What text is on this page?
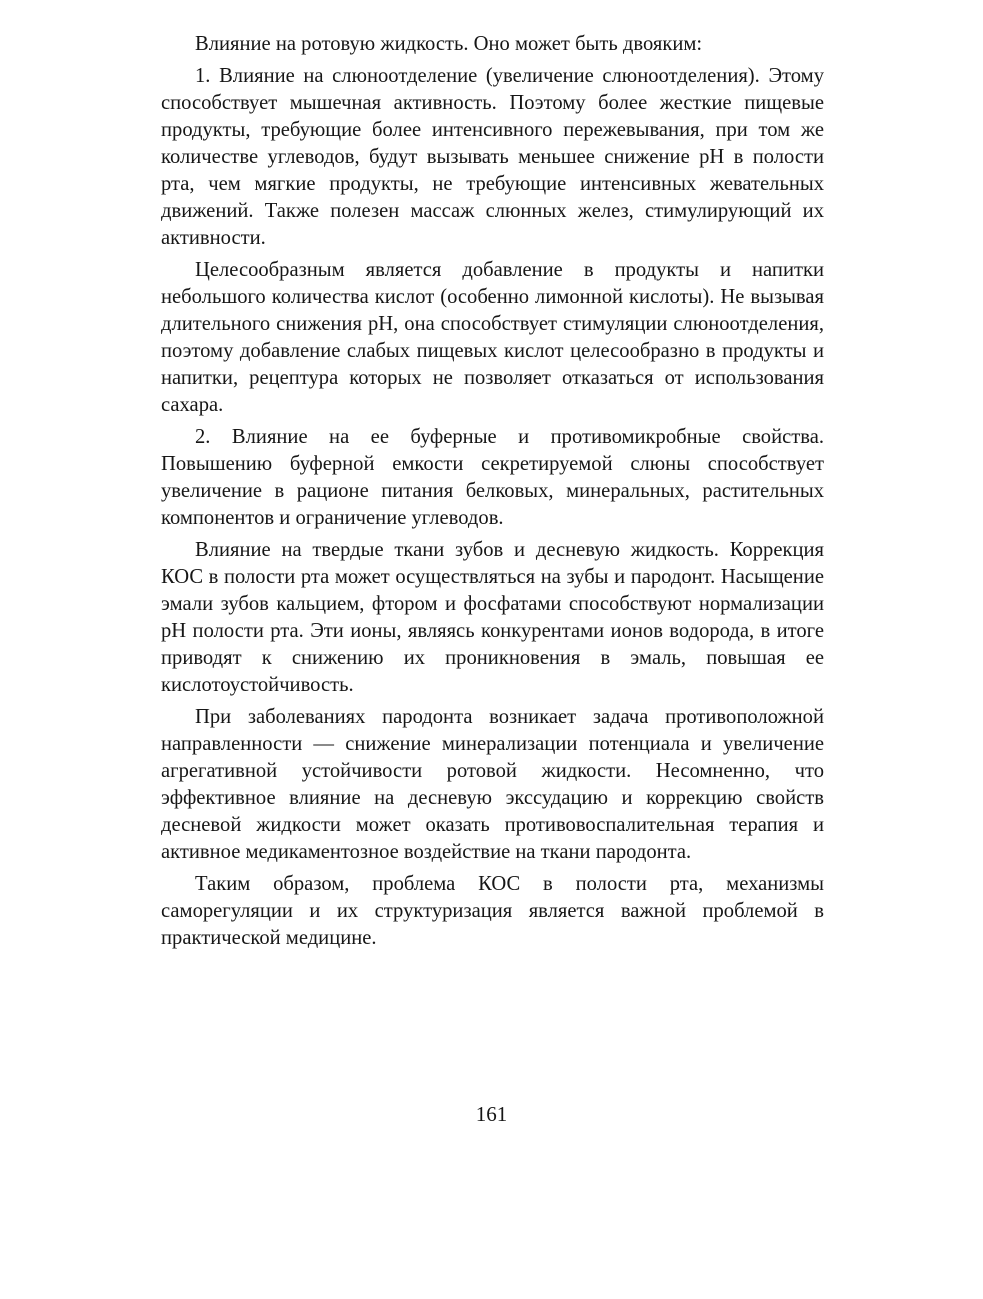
Влияние на ротовую жидкость. Оно может быть двояким:

1. Влияние на слюноотделение (увеличение слюноотделения). Этому способствует мышечная активность. Поэтому более жесткие пищевые продукты, требующие более интенсивного пережевывания, при том же количестве углеводов, будут вызывать меньшее снижение pH в полости рта, чем мягкие продукты, не требующие интенсивных жевательных движений. Также полезен массаж слюнных желез, стимулирующий их активности.

Целесообразным является добавление в продукты и напитки небольшого количества кислот (особенно лимонной кислоты). Не вызывая длительного снижения pH, она способствует стимуляции слюноотделения, поэтому добавление слабых пищевых кислот целесообразно в продукты и напитки, рецептура которых не позволяет отказаться от использования сахара.

2. Влияние на ее буферные и противомикробные свойства. Повышению буферной емкости секретируемой слюны способствует увеличение в рационе питания белковых, минеральных, растительных компонентов и ограничение углеводов.

Влияние на твердые ткани зубов и десневую жидкость. Коррекция КОС в полости рта может осуществляться на зубы и пародонт. Насыщение эмали зубов кальцием, фтором и фосфатами способствуют нормализации pH полости рта. Эти ионы, являясь конкурентами ионов водорода, в итоге приводят к снижению их проникновения в эмаль, повышая ее кислотоустойчивость.

При заболеваниях пародонта возникает задача противоположной направленности — снижение минерализации потенциала и увеличение агрегативной устойчивости ротовой жидкости. Несомненно, что эффективное влияние на десневую экссудацию и коррекцию свойств десневой жидкости может оказать противовоспалительная терапия и активное медикаментозное воздействие на ткани пародонта.

Таким образом, проблема КОС в полости рта, механизмы саморегуляции и их структуризация является важной проблемой в практической медицине.

161
